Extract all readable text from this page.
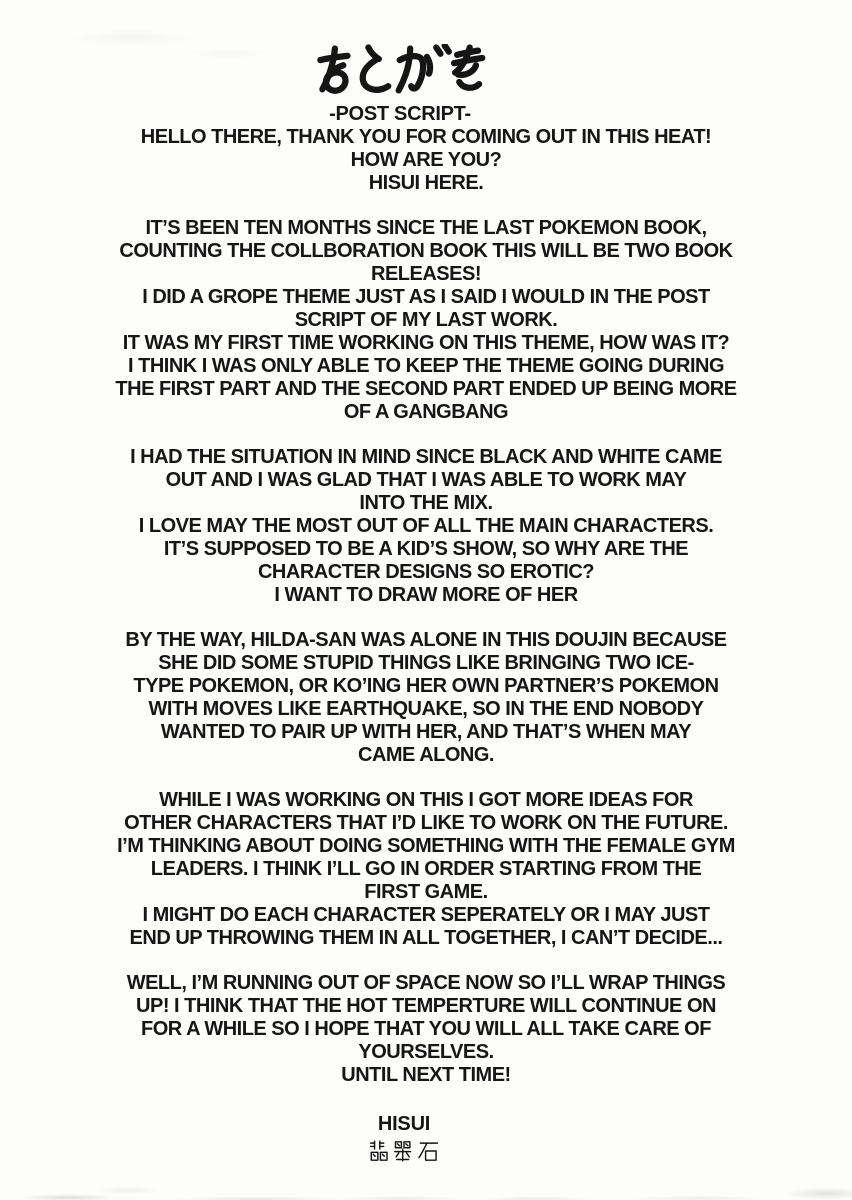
-POST SCRIPT-
HELLO THERE, THANK YOU FOR COMING OUT IN THIS HEAT!
HOW ARE YOU?
HISUI HERE.
IT’S BEEN TEN MONTHS SINCE THE LAST POKEMON BOOK,
COUNTING THE COLLBORATION BOOK THIS WILL BE TWO BOOK
RELEASES!
I DID A GROPE THEME JUST AS I SAID I WOULD IN THE POST
SCRIPT OF MY LAST WORK.
IT WAS MY FIRST TIME WORKING ON THIS THEME, HOW WAS IT?
I THINK I WAS ONLY ABLE TO KEEP THE THEME GOING DURING
THE FIRST PART AND THE SECOND PART ENDED UP BEING MORE
OF A GANGBANG
I HAD THE SITUATION IN MIND SINCE BLACK AND WHITE CAME
OUT AND I WAS GLAD THAT I WAS ABLE TO WORK MAY
INTO THE MIX.
I LOVE MAY THE MOST OUT OF ALL THE MAIN CHARACTERS.
IT’S SUPPOSED TO BE A KID’S SHOW, SO WHY ARE THE
CHARACTER DESIGNS SO EROTIC?
I WANT TO DRAW MORE OF HER
BY THE WAY, HILDA-SAN WAS ALONE IN THIS DOUJIN BECAUSE
SHE DID SOME STUPID THINGS LIKE BRINGING TWO ICE-
TYPE POKEMON, OR KO’ING HER OWN PARTNER’S POKEMON
WITH MOVES LIKE EARTHQUAKE, SO IN THE END NOBODY
WANTED TO PAIR UP WITH HER, AND THAT’S WHEN MAY
CAME ALONG.
WHILE I WAS WORKING ON THIS I GOT MORE IDEAS FOR
OTHER CHARACTERS THAT I’D LIKE TO WORK ON THE FUTURE.
I’M THINKING ABOUT DOING SOMETHING WITH THE FEMALE GYM
LEADERS. I THINK I’LL GO IN ORDER STARTING FROM THE
FIRST GAME.
I MIGHT DO EACH CHARACTER SEPERATELY OR I MAY JUST
END UP THROWING THEM IN ALL TOGETHER, I CAN’T DECIDE...
WELL, I’M RUNNING OUT OF SPACE NOW SO I’LL WRAP THINGS
UP! I THINK THAT THE HOT TEMPERTURE WILL CONTINUE ON
FOR A WHILE SO I HOPE THAT YOU WILL ALL TAKE CARE OF
YOURSELVES.
UNTIL NEXT TIME!
HISUI
